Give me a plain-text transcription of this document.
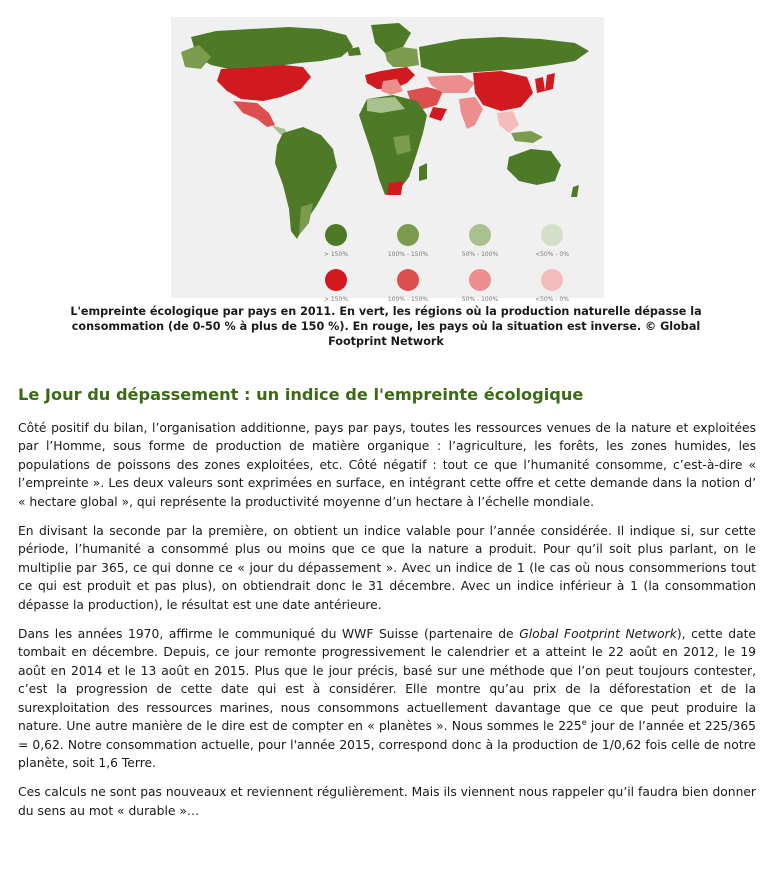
> 150%	100% - 150%	50% - 100%	<50% - 0%
> 150%	100% - 150%	50% - 100%	<50% - 0%
L'empreinte écologique par pays en 2011. En vert, les régions où la production naturelle dépasse la
consommation (de 0-50 % à plus de 150 %). En rouge, les pays où la situation est inverse. © Global
Footprint Network
Le Jour du dépassement : un indice de l'empreinte écologique

Côté positif du bilan, l’organisation additionne, pays par pays, toutes les ressources venues de la nature et exploitées par l’Homme, sous forme de production de matière organique : l’agriculture, les forêts, les zones humides, les populations de poissons des zones exploitées, etc. Côté négatif : tout ce que l’humanité consomme, c’est-à-dire « l’empreinte ». Les deux valeurs sont exprimées en surface, en intégrant cette offre et cette demande dans la notion d’ « hectare global », qui représente la productivité moyenne d’un hectare à l’échelle mondiale.

En divisant la seconde par la première, on obtient un indice valable pour l’année considérée. Il indique si, sur cette période, l’humanité a consommé plus ou moins que ce que la nature a produit. Pour qu’il soit plus parlant, on le multiplie par 365, ce qui donne ce « jour du dépassement ». Avec un indice de 1 (le cas où nous consommerions tout ce qui est produit et pas plus), on obtiendrait donc le 31 décembre. Avec un indice inférieur à 1 (la consommation dépasse la production), le résultat est une date antérieure.

Dans les années 1970, affirme le communiqué du WWF Suisse (partenaire de Global Footprint Network), cette date tombait en décembre. Depuis, ce jour remonte progressivement le calendrier et a atteint le 22 août en 2012, le 19 août en 2014 et le 13 août en 2015. Plus que le jour précis, basé sur une méthode que l’on peut toujours contester, c’est la progression de cette date qui est à considérer. Elle montre qu’au prix de la déforestation et de la surexploitation des ressources marines, nous consommons actuellement davantage que ce que peut produire la nature. Une autre manière de le dire est de compter en « planètes ». Nous sommes le 225e jour de l’année et 225/365 = 0,62. Notre consommation actuelle, pour l'année 2015, correspond donc à la production de 1/0,62 fois celle de notre planète, soit 1,6 Terre.

Ces calculs ne sont pas nouveaux et reviennent régulièrement. Mais ils viennent nous rappeler qu’il faudra bien donner du sens au mot « durable »…
